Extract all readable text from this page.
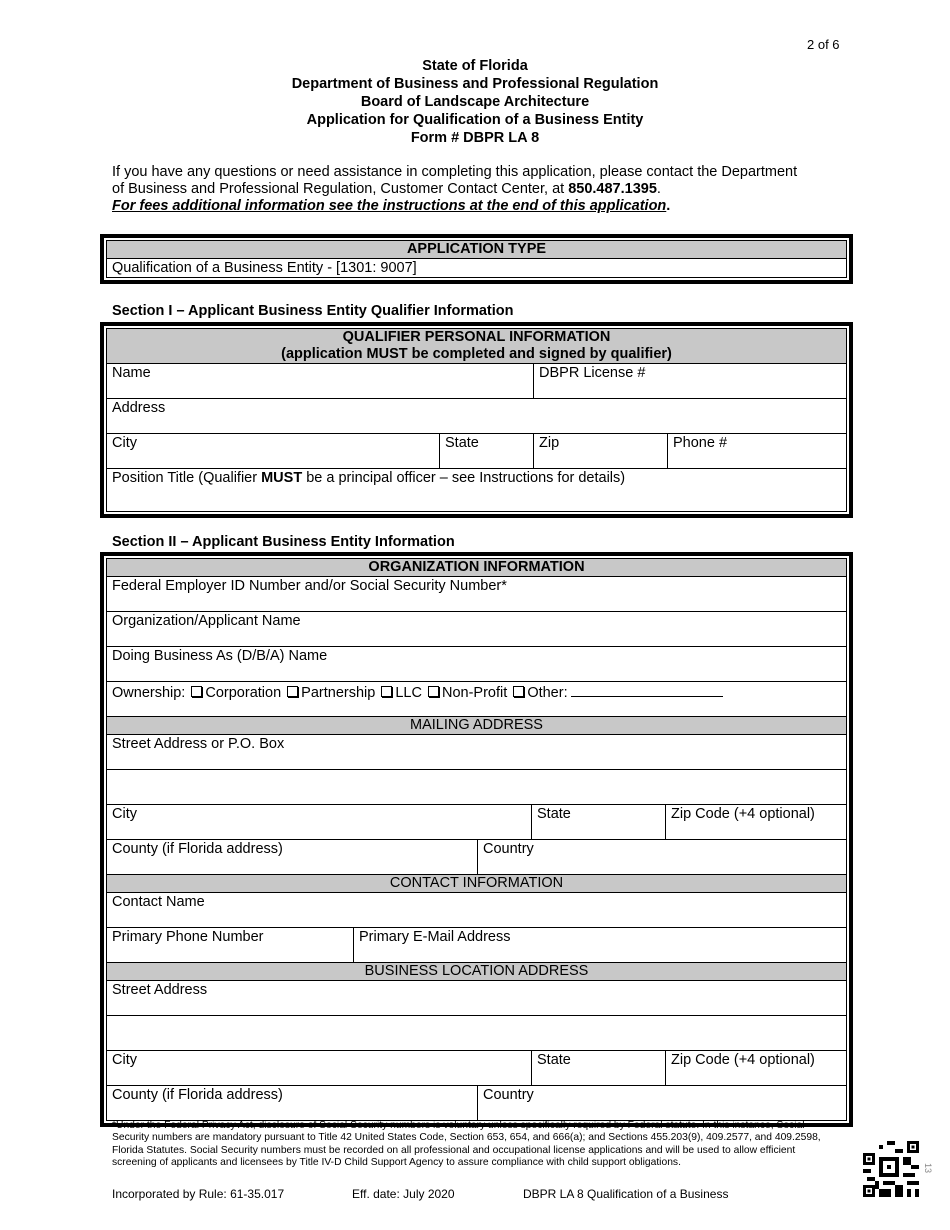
2 of 6
State of Florida
Department of Business and Professional Regulation
Board of Landscape Architecture
Application for Qualification of a Business Entity
Form # DBPR LA 8
If you have any questions or need assistance in completing this application, please contact the Department of Business and Professional Regulation, Customer Contact Center, at 850.487.1395.
For fees additional information see the instructions at the end of this application.
APPLICATION TYPE
Qualification of a Business Entity - [1301: 9007]
Section I – Applicant Business Entity Qualifier Information
QUALIFIER PERSONAL INFORMATION
(application MUST be completed and signed by qualifier)
Name	DBPR License #
Address
City	State	Zip	Phone #
Position Title (Qualifier MUST be a principal officer – see Instructions for details)
Section II – Applicant Business Entity Information
ORGANIZATION INFORMATION
Federal Employer ID Number and/or Social Security Number*
Organization/Applicant Name
Doing Business As (D/B/A) Name
Ownership: Corporation Partnership LLC Non-Profit Other:
MAILING ADDRESS
Street Address or P.O. Box
City	State	Zip Code (+4 optional)
County (if Florida address)	Country
CONTACT INFORMATION
Contact Name
Primary Phone Number	Primary E-Mail Address
BUSINESS LOCATION ADDRESS
Street Address
City	State	Zip Code (+4 optional)
County (if Florida address)	Country
*Under the Federal Privacy Act, disclosure of Social Security numbers is voluntary unless specifically required by Federal statute. In this instance, Social Security numbers are mandatory pursuant to Title 42 United States Code, Section 653, 654, and 666(a); and Sections 455.203(9), 409.2577, and 409.2598, Florida Statutes. Social Security numbers must be recorded on all professional and occupational license applications and will be used to allow efficient screening of applicants and licensees by Title IV-D Child Support Agency to assure compliance with child support obligations.
Incorporated by Rule: 61-35.017	Eff. date: July 2020	DBPR LA 8 Qualification of a Business
13
